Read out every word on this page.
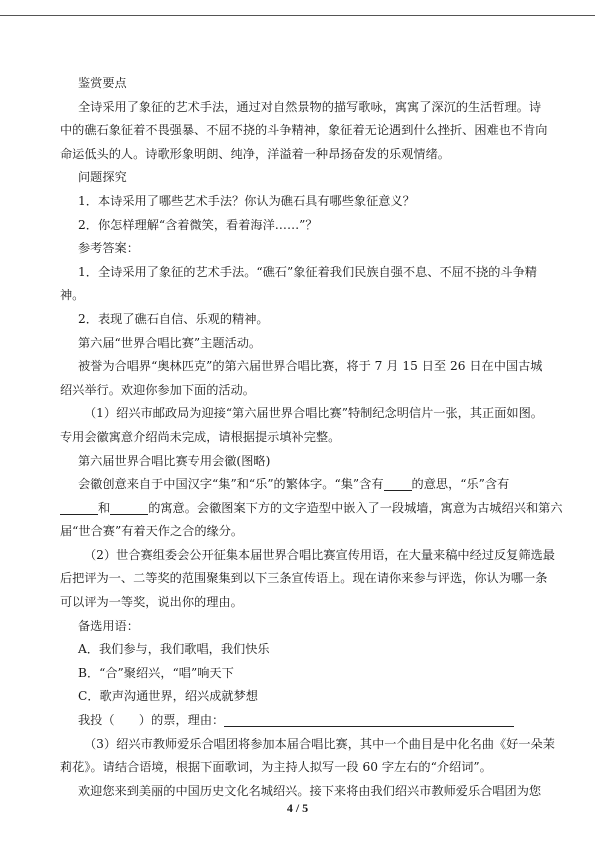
鉴赏要点

全诗采用了象征的艺术手法，通过对自然景物的描写歌咏，寓寓了深沉的生活哲理。诗

中的礁石象征着不畏强暴、不屈不挠的斗争精神，象征着无论遇到什么挫折、困难也不肯向

命运低头的人。诗歌形象明朗、纯净，洋溢着一种昂扬奋发的乐观情绪。

问题探究

1．本诗采用了哪些艺术手法？你认为礁石具有哪些象征意义？

2．你怎样理解“含着微笑，看着海洋……”？

参考答案：

1．全诗采用了象征的艺术手法。“礁石”象征着我们民族自强不息、不屈不挠的斗争精

神。

2．表现了礁石自信、乐观的精神。

第六届“世界合唱比赛”主题活动。

被誉为合唱界“奥林匹克”的第六届世界合唱比赛，将于 7 月 15 日至 26 日在中国古城

绍兴举行。欢迎你参加下面的活动。

（1）绍兴市邮政局为迎接“第六届世界合唱比赛”特制纪念明信片一张，其正面如图。

专用会徽寓意介绍尚未完成，请根据提示填补完整。

第六届世界合唱比赛专用会徽(图略)

会徽创意来自于中国汉字“集”和“乐”的繁体字。“集”含有 的意思，“乐”含有

和	的寓意。会徽图案下方的文字造型中嵌入了一段城墙，寓意为古城绍兴和第六

届“世合赛”有着天作之合的缘分。

（2）世合赛组委会公开征集本届世界合唱比赛宣传用语，在大量来稿中经过反复筛选最

后把评为一、二等奖的范围聚集到以下三条宣传语上。现在请你来参与评选，你认为哪一条

可以评为一等奖，说出你的理由。

备选用语：

A．我们参与，我们歌唱，我们快乐

B．“合”聚绍兴，“唱”响天下

C．歌声沟通世界，绍兴成就梦想

我投（　　）的票，理由：

（3）绍兴市教师爱乐合唱团将参加本届合唱比赛，其中一个曲目是中化名曲《好一朵茉

莉花》。请结合语境，根据下面歌词，为主持人拟写一段 60 字左右的“介绍词”。

欢迎您来到美丽的中国历史文化名城绍兴。接下来将由我们绍兴市教师爱乐合唱团为您

4 / 5
